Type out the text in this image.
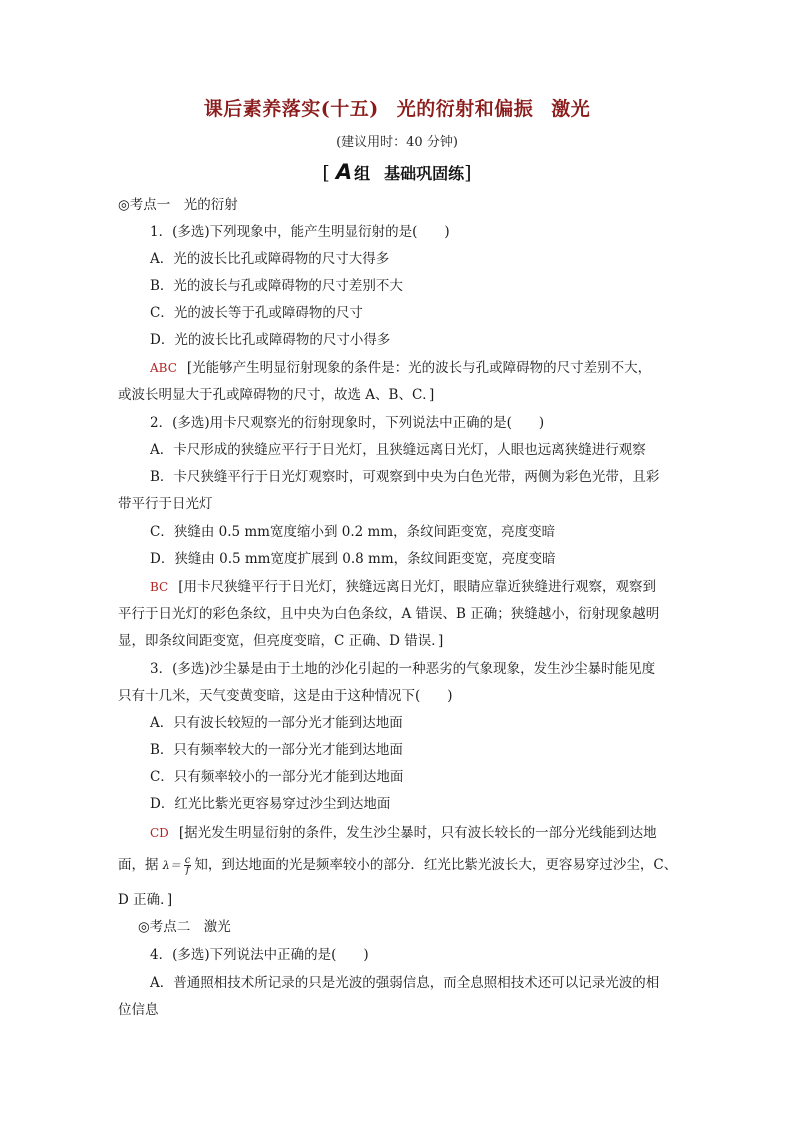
课后素养落实(十五) 光的衍射和偏振 激光
(建议用时：40 分钟)
[ A 组 基础巩固练]
◎考点一　光的衍射
1．(多选)下列现象中，能产生明显衍射的是(　　)
A．光的波长比孔或障碍物的尺寸大得多
B．光的波长与孔或障碍物的尺寸差别不大
C．光的波长等于孔或障碍物的尺寸
D．光的波长比孔或障碍物的尺寸小得多
ABC [光能够产生明显衍射现象的条件是：光的波长与孔或障碍物的尺寸差别不大，
或波长明显大于孔或障碍物的尺寸，故选 A、B、C．]
2．(多选)用卡尺观察光的衍射现象时，下列说法中正确的是(　　)
A．卡尺形成的狭缝应平行于日光灯，且狭缝远离日光灯，人眼也远离狭缝进行观察
B．卡尺狭缝平行于日光灯观察时，可观察到中央为白色光带，两侧为彩色光带，且彩
带平行于日光灯
C．狭缝由 0.5 mm宽度缩小到 0.2 mm，条纹间距变宽，亮度变暗
D．狭缝由 0.5 mm宽度扩展到 0.8 mm，条纹间距变宽，亮度变暗
BC [用卡尺狭缝平行于日光灯，狭缝远离日光灯，眼睛应靠近狭缝进行观察，观察到
平行于日光灯的彩色条纹，且中央为白色条纹，A 错误、B 正确；狭缝越小，衍射现象越明
显，即条纹间距变宽，但亮度变暗，C 正确、D 错误．]
3．(多选)沙尘暴是由于土地的沙化引起的一种恶劣的气象现象，发生沙尘暴时能见度
只有十几米，天气变黄变暗，这是由于这种情况下(　　)
A．只有波长较短的一部分光才能到达地面
B．只有频率较大的一部分光才能到达地面
C．只有频率较小的一部分光才能到达地面
D．红光比紫光更容易穿过沙尘到达地面
CD [据光发生明显衍射的条件，发生沙尘暴时，只有波长较长的一部分光线能到达地
面，据 $\lambda= \frac{c}{f}$ 知，到达地面的光是频率较小的部分．红光比紫光波长大，更容易穿过沙尘，C、
D 正确．]
◎考点二　激光
4．(多选)下列说法中正确的是(　　)
A．普通照相技术所记录的只是光波的强弱信息，而全息照相技术还可以记录光波的相
位信息
